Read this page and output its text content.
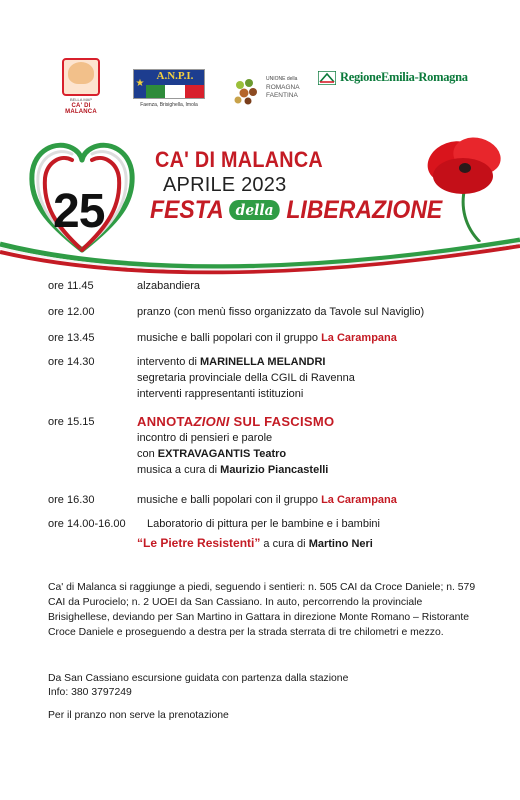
BELLA MAP
CA' DI MALANCA
★
A.N.P.I.
Faenza, Brisighella, Imola
UNIONE della
ROMAGNA
FAENTINA
RegioneEmilia-Romagna
25
CA' DI MALANCA
APRILE 2023
FESTA della LIBERAZIONE
ore 11.45	alzabandiera
ore 12.00	pranzo (con menù fisso organizzato da Tavole sul Naviglio)
ore 13.45	musiche e balli popolari con il gruppo La Carampana
ore 14.30	intervento di MARINELLA MELANDRI
segretaria provinciale della CGIL di Ravenna
interventi rappresentanti istituzioni
ore 15.15	ANNOTAZIONI SUL FASCISMO
incontro di pensieri e parole
con EXTRAVAGANTIS Teatro
musica a cura di Maurizio Piancastelli
ore 16.30	musiche e balli popolari con il gruppo La Carampana
ore 14.00-16.00 Laboratorio di pittura per le bambine e i bambini
“Le Pietre Resistenti” a cura di Martino Neri
Ca' di Malanca si raggiunge a piedi, seguendo i sentieri: n. 505 CAI da Croce Daniele; n. 579 CAI da Purocielo; n. 2 UOEI da San Cassiano. In auto, percorrendo la provinciale Brisighellese, deviando per San Martino in Gattara in direzione Monte Romano – Ristorante Croce Daniele e proseguendo a destra per la strada sterrata di tre chilometri e mezzo.
Da San Cassiano escursione guidata con partenza dalla stazione
Info: 380 3797249
Per il pranzo non serve la prenotazione
